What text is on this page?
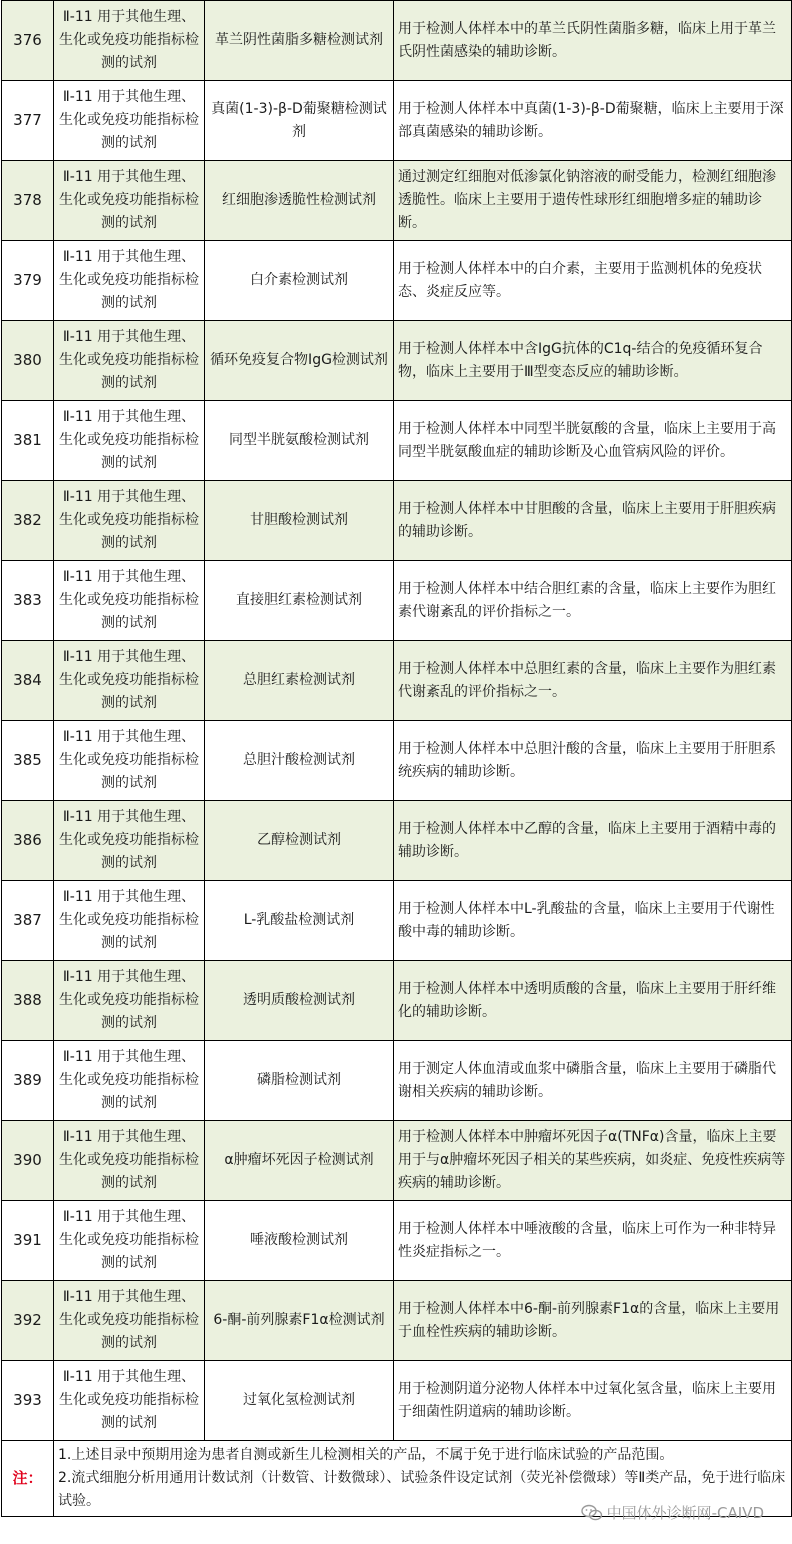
376	Ⅱ-11 用于其他生理、生化或免疫功能指标检测的试剂	革兰阴性菌脂多糖检测试剂	用于检测人体样本中的革兰氏阴性菌脂多糖，临床上用于革兰氏阴性菌感染的辅助诊断。
377	Ⅱ-11 用于其他生理、生化或免疫功能指标检测的试剂	真菌(1-3)-β-D葡聚糖检测试剂	用于检测人体样本中真菌(1-3)-β-D葡聚糖，临床上主要用于深部真菌感染的辅助诊断。
378	Ⅱ-11 用于其他生理、生化或免疫功能指标检测的试剂	红细胞渗透脆性检测试剂	通过测定红细胞对低渗氯化钠溶液的耐受能力，检测红细胞渗透脆性。临床上主要用于遗传性球形红细胞增多症的辅助诊断。
379	Ⅱ-11 用于其他生理、生化或免疫功能指标检测的试剂	白介素检测试剂	用于检测人体样本中的白介素，主要用于监测机体的免疫状态、炎症反应等。
380	Ⅱ-11 用于其他生理、生化或免疫功能指标检测的试剂	循环免疫复合物IgG检测试剂	用于检测人体样本中含IgG抗体的C1q-结合的免疫循环复合物，临床上主要用于Ⅲ型变态反应的辅助诊断。
381	Ⅱ-11 用于其他生理、生化或免疫功能指标检测的试剂	同型半胱氨酸检测试剂	用于检测人体样本中同型半胱氨酸的含量，临床上主要用于高同型半胱氨酸血症的辅助诊断及心血管病风险的评价。
382	Ⅱ-11 用于其他生理、生化或免疫功能指标检测的试剂	甘胆酸检测试剂	用于检测人体样本中甘胆酸的含量，临床上主要用于肝胆疾病的辅助诊断。
383	Ⅱ-11 用于其他生理、生化或免疫功能指标检测的试剂	直接胆红素检测试剂	用于检测人体样本中结合胆红素的含量，临床上主要作为胆红素代谢紊乱的评价指标之一。
384	Ⅱ-11 用于其他生理、生化或免疫功能指标检测的试剂	总胆红素检测试剂	用于检测人体样本中总胆红素的含量，临床上主要作为胆红素代谢紊乱的评价指标之一。
385	Ⅱ-11 用于其他生理、生化或免疫功能指标检测的试剂	总胆汁酸检测试剂	用于检测人体样本中总胆汁酸的含量，临床上主要用于肝胆系统疾病的辅助诊断。
386	Ⅱ-11 用于其他生理、生化或免疫功能指标检测的试剂	乙醇检测试剂	用于检测人体样本中乙醇的含量，临床上主要用于酒精中毒的辅助诊断。
387	Ⅱ-11 用于其他生理、生化或免疫功能指标检测的试剂	L-乳酸盐检测试剂	用于检测人体样本中L-乳酸盐的含量，临床上主要用于代谢性酸中毒的辅助诊断。
388	Ⅱ-11 用于其他生理、生化或免疫功能指标检测的试剂	透明质酸检测试剂	用于检测人体样本中透明质酸的含量，临床上主要用于肝纤维化的辅助诊断。
389	Ⅱ-11 用于其他生理、生化或免疫功能指标检测的试剂	磷脂检测试剂	用于测定人体血清或血浆中磷脂含量，临床上主要用于磷脂代谢相关疾病的辅助诊断。
390	Ⅱ-11 用于其他生理、生化或免疫功能指标检测的试剂	α肿瘤坏死因子检测试剂	用于检测人体样本中肿瘤坏死因子α(TNFα)含量，临床上主要用于与α肿瘤坏死因子相关的某些疾病，如炎症、免疫性疾病等疾病的辅助诊断。
391	Ⅱ-11 用于其他生理、生化或免疫功能指标检测的试剂	唾液酸检测试剂	用于检测人体样本中唾液酸的含量，临床上可作为一种非特异性炎症指标之一。
392	Ⅱ-11 用于其他生理、生化或免疫功能指标检测的试剂	6-酮-前列腺素F1α检测试剂	用于检测人体样本中6-酮-前列腺素F1α的含量，临床上主要用于血栓性疾病的辅助诊断。
393	Ⅱ-11 用于其他生理、生化或免疫功能指标检测的试剂	过氧化氢检测试剂	用于检测阴道分泌物人体样本中过氧化氢含量，临床上主要用于细菌性阴道病的辅助诊断。
注：	1.上述目录中预期用途为患者自测或新生儿检测相关的产品，不属于免于进行临床试验的产品范围。
2.流式细胞分析用通用计数试剂（计数管、计数微球）、试验条件设定试剂（荧光补偿微球）等Ⅱ类产品，免于进行临床试验。		
中国体外诊断网-CAIVD
